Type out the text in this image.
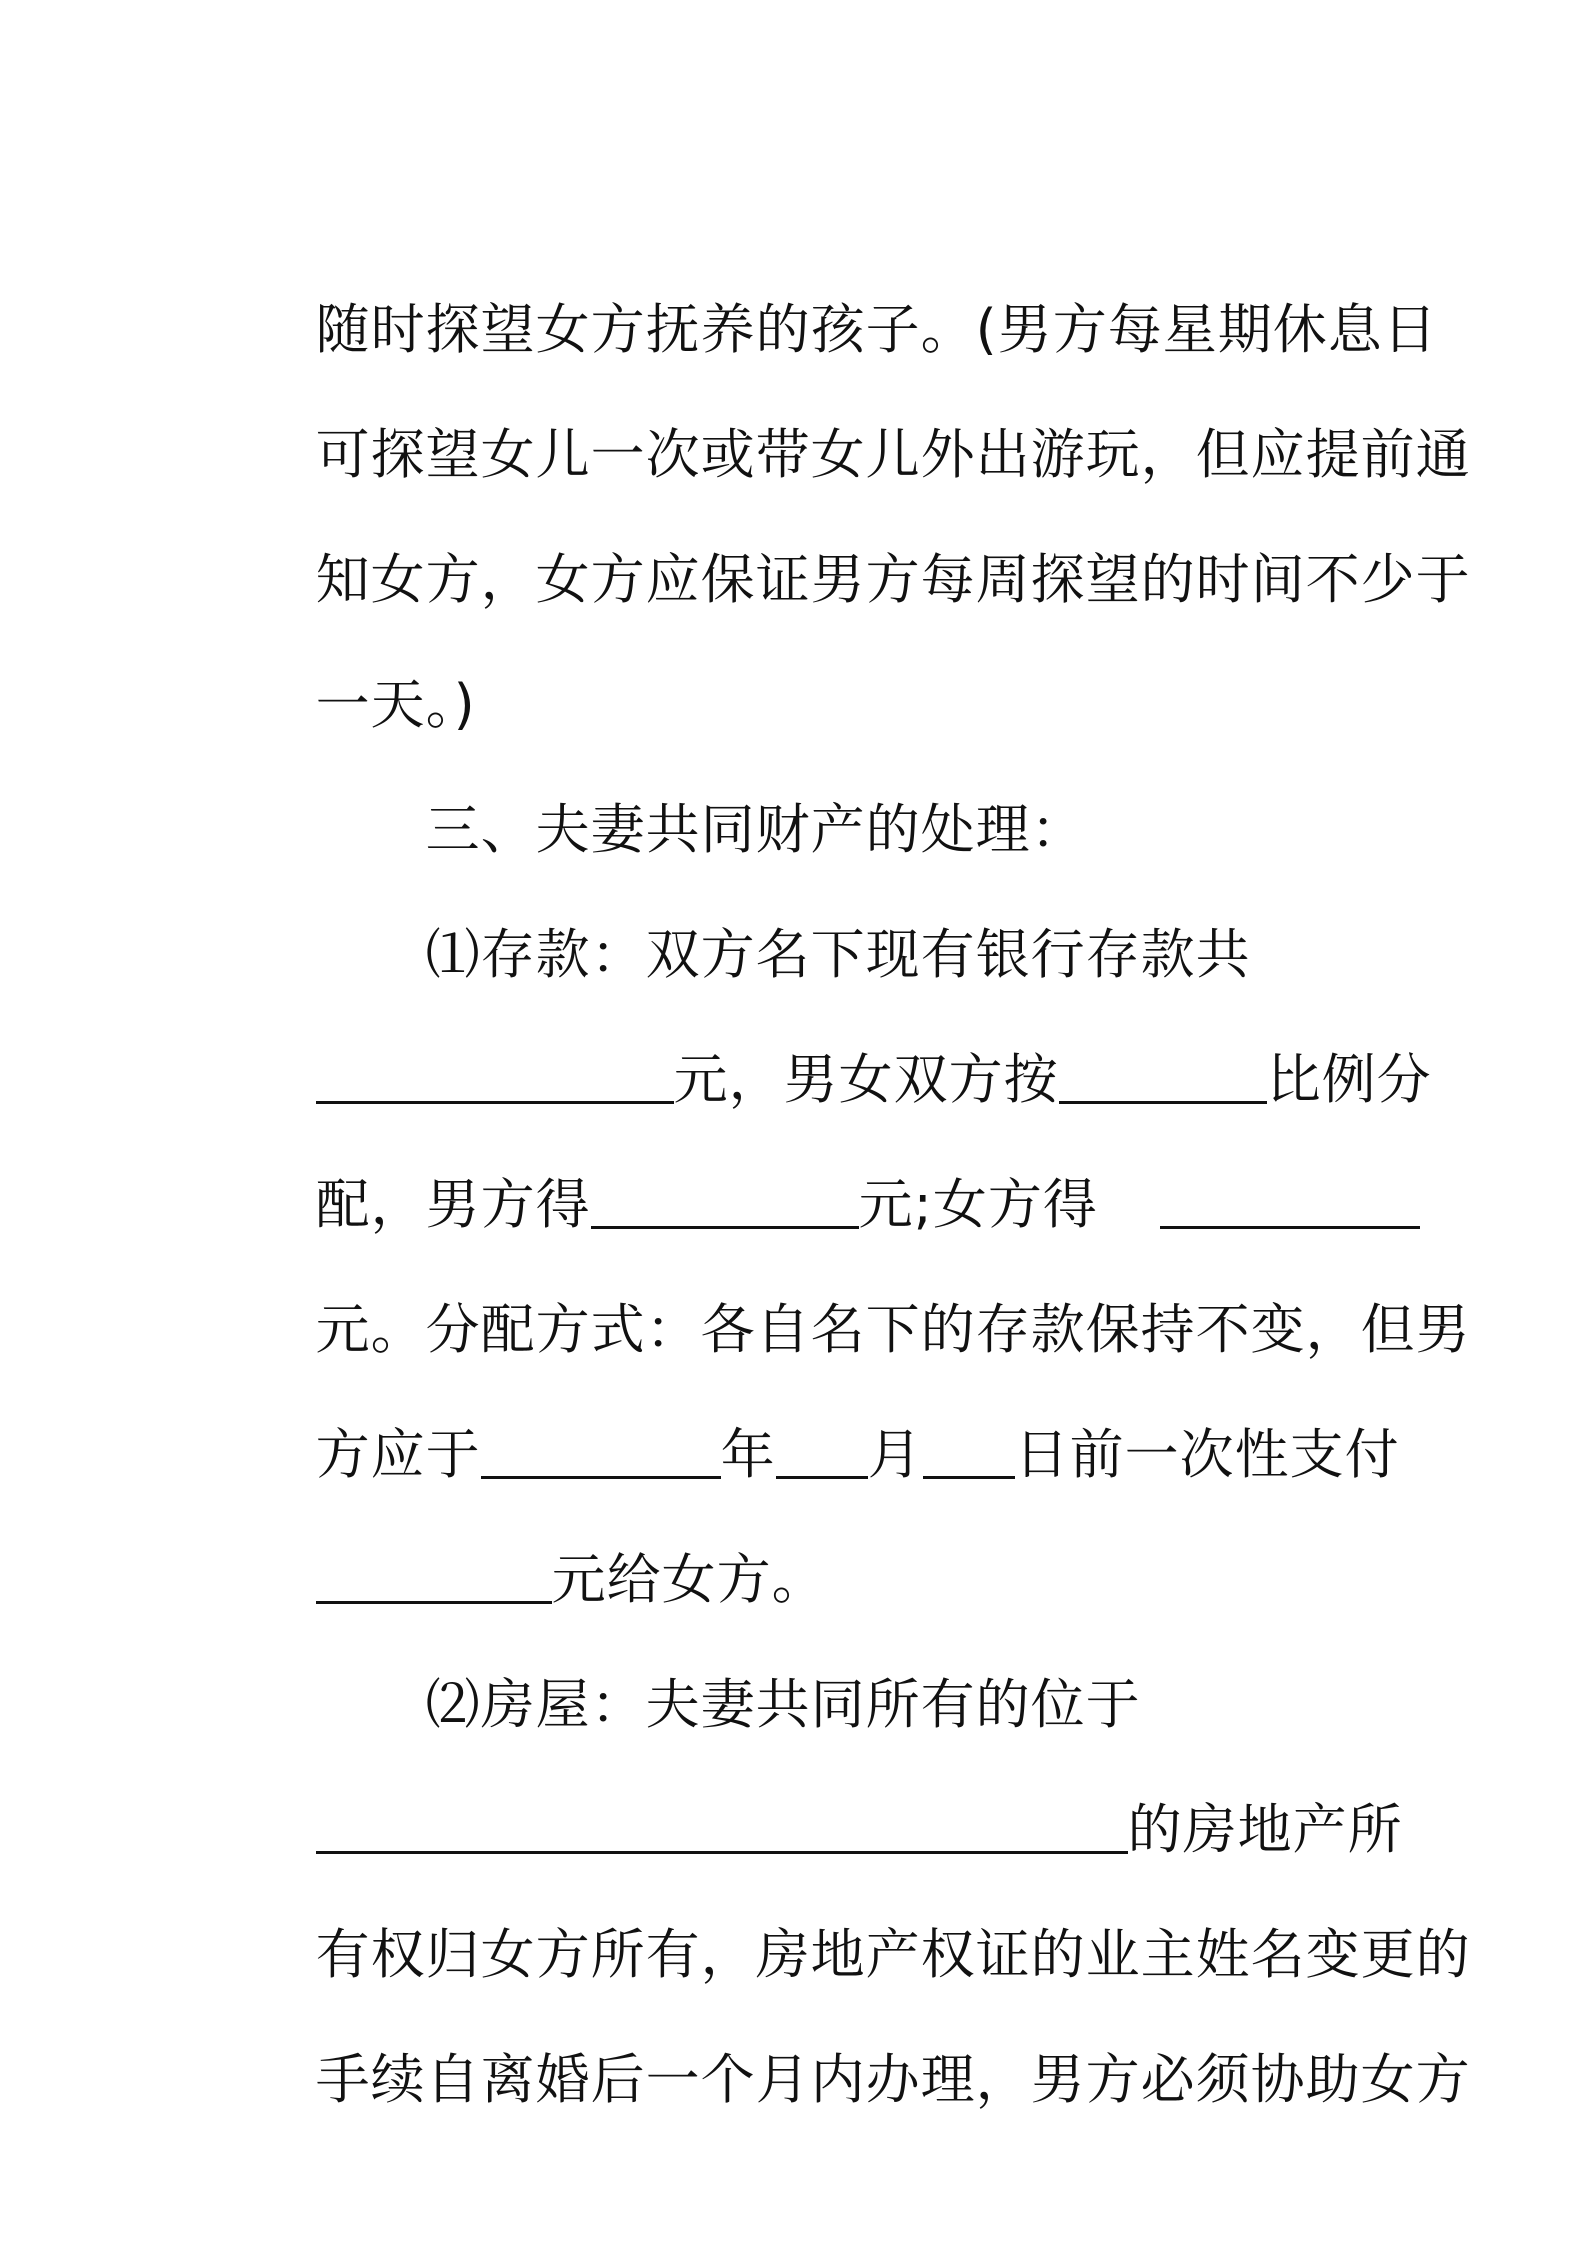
随时探望女方抚养的孩子。(男方每星期休息日

可探望女儿一次或带女儿外出游玩，但应提前通

知女方，女方应保证男方每周探望的时间不少于

一天。)

三、夫妻共同财产的处理：

⑴存款：双方名下现有银行存款共

元，男女双方按	比例分

配，男方得	元;女方得

元。分配方式：各自名下的存款保持不变，但男

方应于	年 月 日前一次性支付

元给女方。

⑵房屋：夫妻共同所有的位于

的房地产所

有权归女方所有，房地产权证的业主姓名变更的

手续自离婚后一个月内办理，男方必须协助女方
